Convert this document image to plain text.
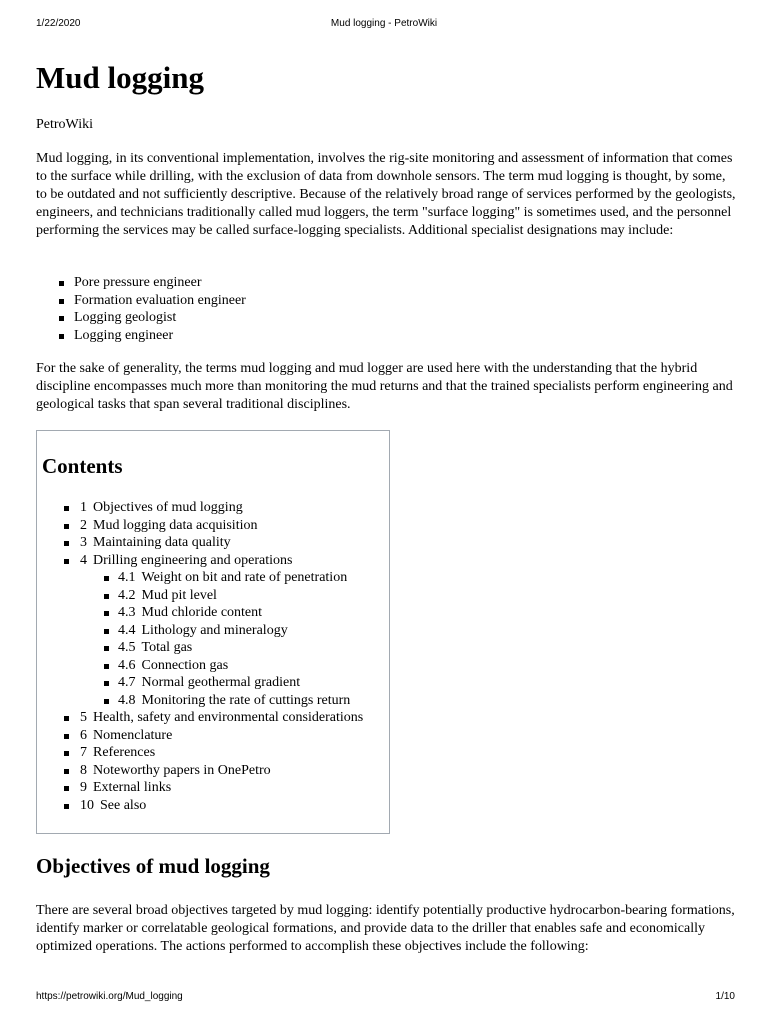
1/22/2020	Mud logging - PetroWiki
Mud logging

PetroWiki

Mud logging, in its conventional implementation, involves the rig-site monitoring and assessment of information that comes to the surface while drilling, with the exclusion of data from downhole sensors. The term mud logging is thought, by some, to be outdated and not sufficiently descriptive. Because of the relatively broad range of services performed by the geologists, engineers, and technicians traditionally called mud loggers, the term "surface logging" is sometimes used, and the personnel performing the services may be called surface-logging specialists. Additional specialist designations may include:

Pore pressure engineer
Formation evaluation engineer
Logging geologist
Logging engineer

For the sake of generality, the terms mud logging and mud logger are used here with the understanding that the hybrid discipline encompasses much more than monitoring the mud returns and that the trained specialists perform engineering and geological tasks that span several traditional disciplines.

Contents
1 Objectives of mud logging
2 Mud logging data acquisition
3 Maintaining data quality
4 Drilling engineering and operations
4.1 Weight on bit and rate of penetration
4.2 Mud pit level
4.3 Mud chloride content
4.4 Lithology and mineralogy
4.5 Total gas
4.6 Connection gas
4.7 Normal geothermal gradient
4.8 Monitoring the rate of cuttings return
5 Health, safety and environmental considerations
6 Nomenclature
7 References
8 Noteworthy papers in OnePetro
9 External links
10 See also
Objectives of mud logging

There are several broad objectives targeted by mud logging: identify potentially productive hydrocarbon-bearing formations, identify marker or correlatable geological formations, and provide data to the driller that enables safe and economically optimized operations. The actions performed to accomplish these objectives include the following:

https://petrowiki.org/Mud_logging	1/10
